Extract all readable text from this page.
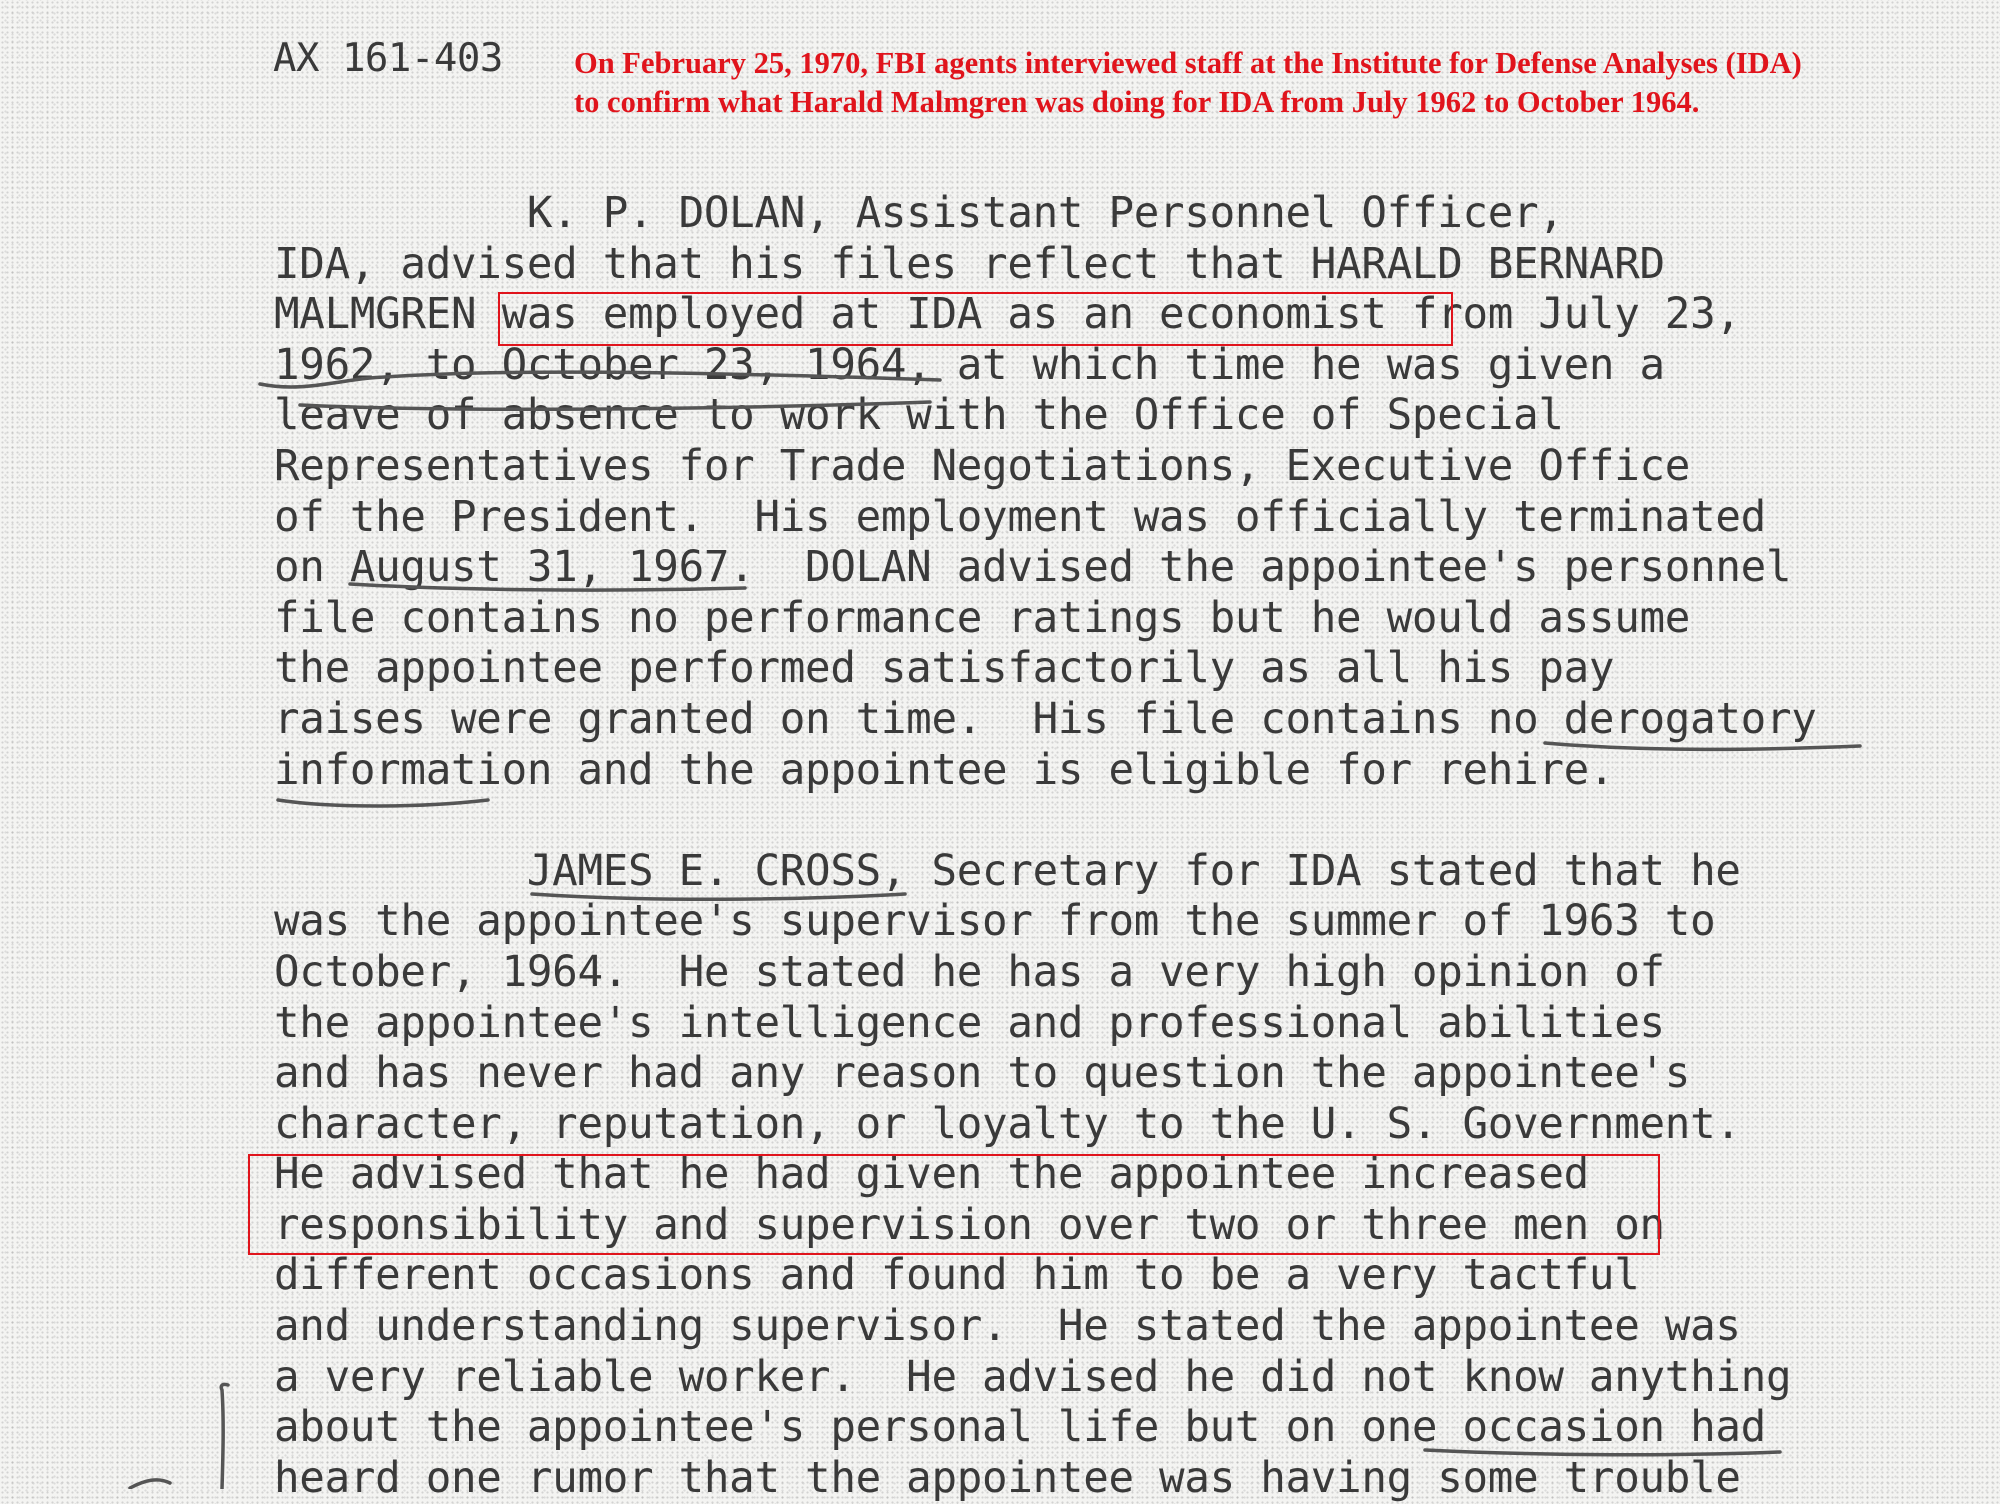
AX 161-403 On February 25, 1970, FBI agents interviewed staff at the Institute for Defense Analyses (IDA)
to confirm what Harald Malmgren was doing for IDA from July 1962 to October 1964.
K. P. DOLAN, Assistant Personnel Officer,
IDA, advised that his files reflect that HARALD BERNARD
MALMGREN was employed at IDA as an economist from July 23,
1962, to October 23, 1964, at which time he was given a
leave of absence to work with the Office of Special
Representatives for Trade Negotiations, Executive Office
of the President.  His employment was officially terminated
on August 31, 1967.  DOLAN advised the appointee's personnel
file contains no performance ratings but he would assume
the appointee performed satisfactorily as all his pay
raises were granted on time.  His file contains no derogatory
information and the appointee is eligible for rehire.
JAMES E. CROSS, Secretary for IDA stated that he
was the appointee's supervisor from the summer of 1963 to
October, 1964.  He stated he has a very high opinion of
the appointee's intelligence and professional abilities
and has never had any reason to question the appointee's
character, reputation, or loyalty to the U. S. Government.
He advised that he had given the appointee increased
responsibility and supervision over two or three men on
different occasions and found him to be a very tactful
and understanding supervisor.  He stated the appointee was
a very reliable worker.  He advised he did not know anything
about the appointee's personal life but on one occasion had
heard one rumor that the appointee was having some trouble
